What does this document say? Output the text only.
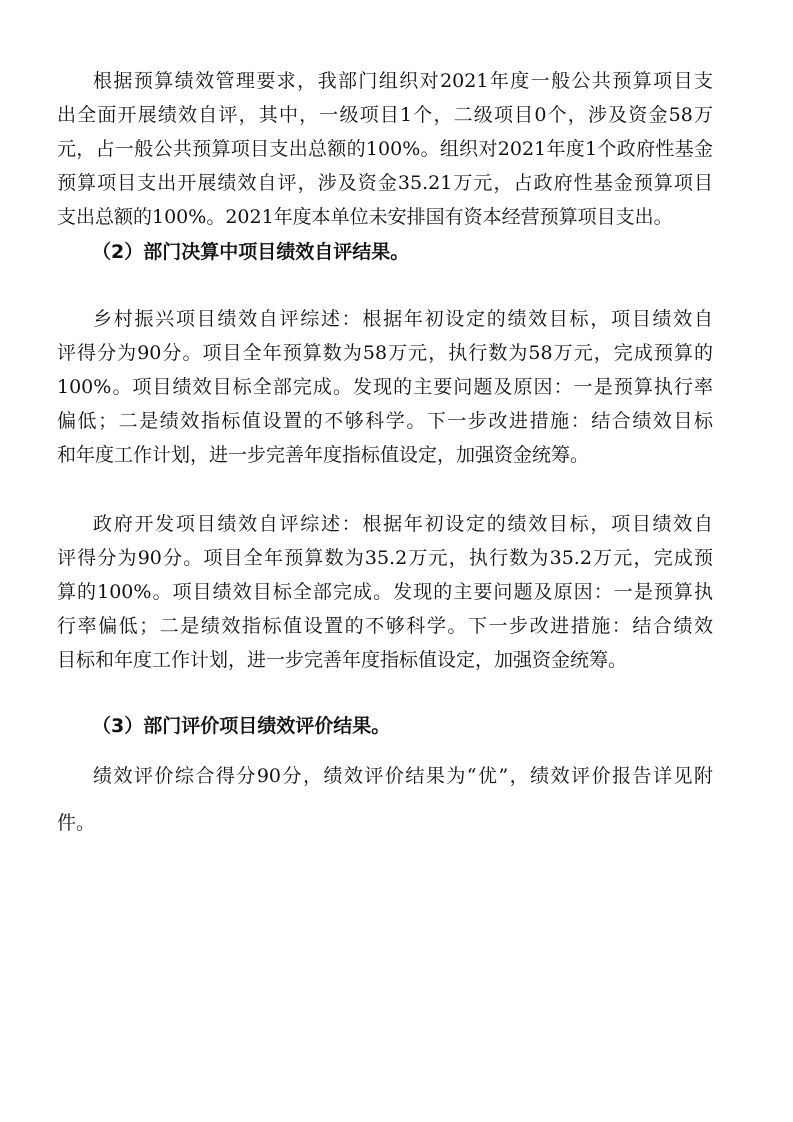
根据预算绩效管理要求，我部门组织对2021年度一般公共预算项目支
出全面开展绩效自评，其中，一级项目1个，二级项目0个，涉及资金58万
元，占一般公共预算项目支出总额的100%。组织对2021年度1个政府性基金
预算项目支出开展绩效自评，涉及资金35.21万元，占政府性基金预算项目
支出总额的100%。2021年度本单位未安排国有资本经营预算项目支出。
（2）部门决算中项目绩效自评结果。
乡村振兴项目绩效自评综述：根据年初设定的绩效目标，项目绩效自
评得分为90分。项目全年预算数为58万元，执行数为58万元，完成预算的
100%。项目绩效目标全部完成。发现的主要问题及原因：一是预算执行率
偏低；二是绩效指标值设置的不够科学。下一步改进措施：结合绩效目标
和年度工作计划，进一步完善年度指标值设定，加强资金统筹。
政府开发项目绩效自评综述：根据年初设定的绩效目标，项目绩效自
评得分为90分。项目全年预算数为35.2万元，执行数为35.2万元，完成预
算的100%。项目绩效目标全部完成。发现的主要问题及原因：一是预算执
行率偏低；二是绩效指标值设置的不够科学。下一步改进措施：结合绩效
目标和年度工作计划，进一步完善年度指标值设定，加强资金统筹。
（3）部门评价项目绩效评价结果。
绩效评价综合得分90分，绩效评价结果为“优”，绩效评价报告详见附
件。
